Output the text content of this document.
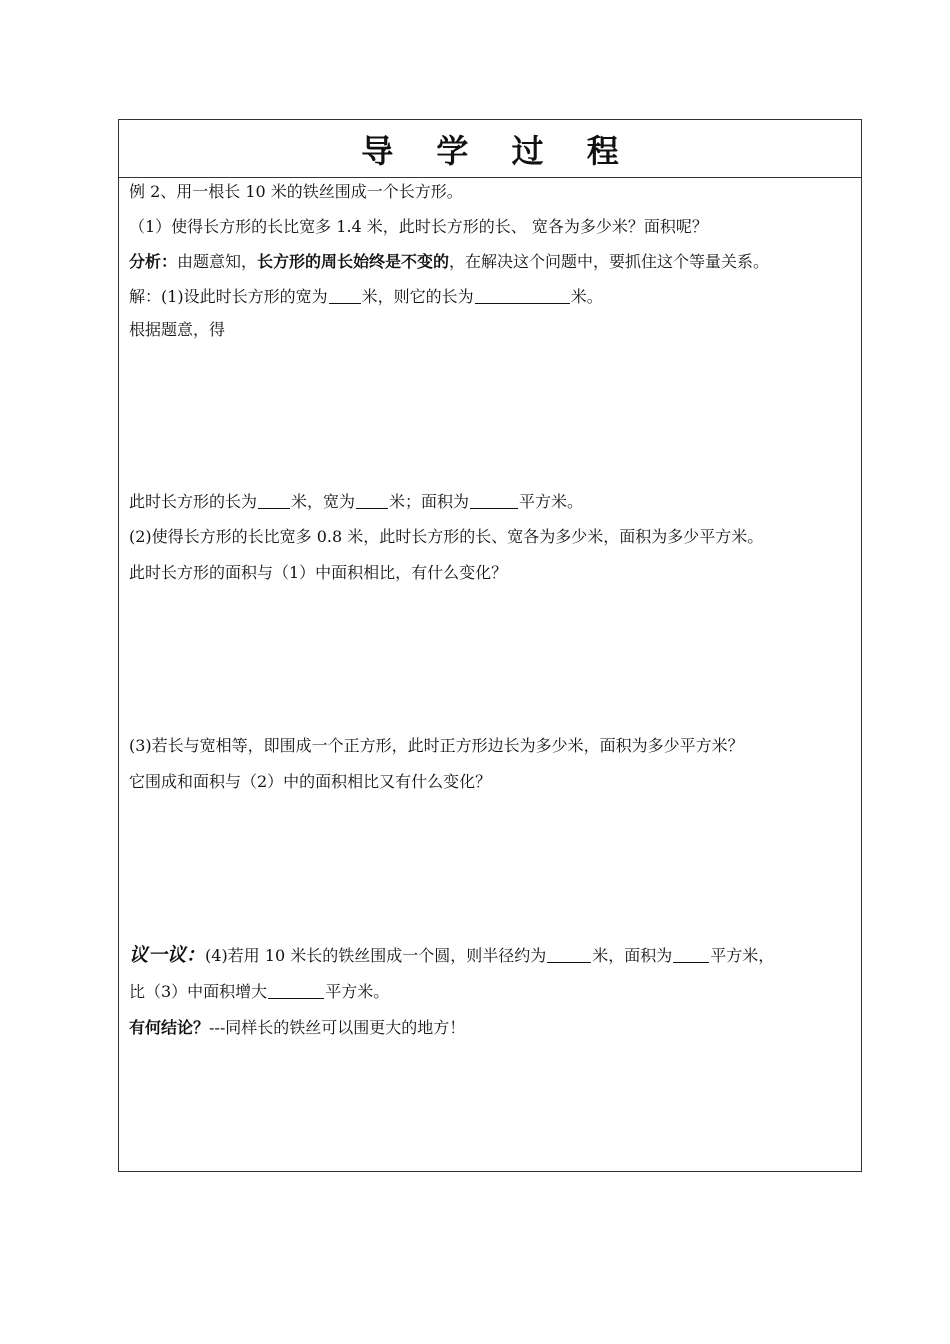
导 学 过 程
例 2、用一根长 10 米的铁丝围成一个长方形。
（1）使得长方形的长比宽多 1.4 米，此时长方形的长、 宽各为多少米？面积呢？
分析：由题意知，长方形的周长始终是不变的，在解决这个问题中，要抓住这个等量关系。
解：(1)设此时长方形的宽为 米，则它的长为	米。
根据题意，得
此时长方形的长为 米，宽为 米；面积为	平方米。
(2)使得长方形的长比宽多 0.8 米，此时长方形的长、宽各为多少米，面积为多少平方米。
此时长方形的面积与（1）中面积相比，有什么变化？
(3)若长与宽相等，即围成一个正方形，此时正方形边长为多少米，面积为多少平方米？
它围成和面积与（2）中的面积相比又有什么变化？
议一议：(4)若用 10 米长的铁丝围成一个圆，则半径约为	米，面积为 平方米，
比（3）中面积增大	平方米。
有何结论？---同样长的铁丝可以围更大的地方！
